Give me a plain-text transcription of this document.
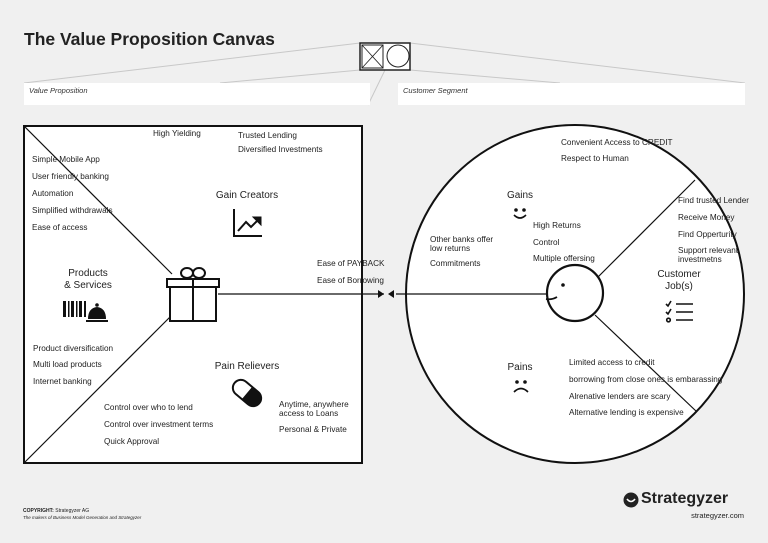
The Value Proposition Canvas
Value Proposition	Customer Segment
High Yielding	Trusted Lending
Diversified Investments
Simple Mobile App
User friendly banking
Automation
Simplified withdrawals
Ease of access
Gain Creators
Products
& Services
Product diversification
Multi load products
Internet banking
Pain Relievers
Control over who to lend
Control over investment terms
Quick Approval
Anytime, anywhere access to Loans
Personal & Private
Ease of PAYBACK
Ease of Borrowing
Convenient Access to CREDIT
Respect to Human
Gains
High Returns
Control
Multiple offersing
Other banks offer low returns
Commitments
Find trusted Lender
Receive Money
Find Opperturity
Support relevant investmetns
Customer
Job(s)
Pains	Limited access to credit
borrowing from close ones is embarassing
Alrenative lenders are scary
Alternative lending is expensive
COPYRIGHT: Strategyzer AG
The makers of Business Model Generation and Strategyzer
Strategyzer
strategyzer.com
